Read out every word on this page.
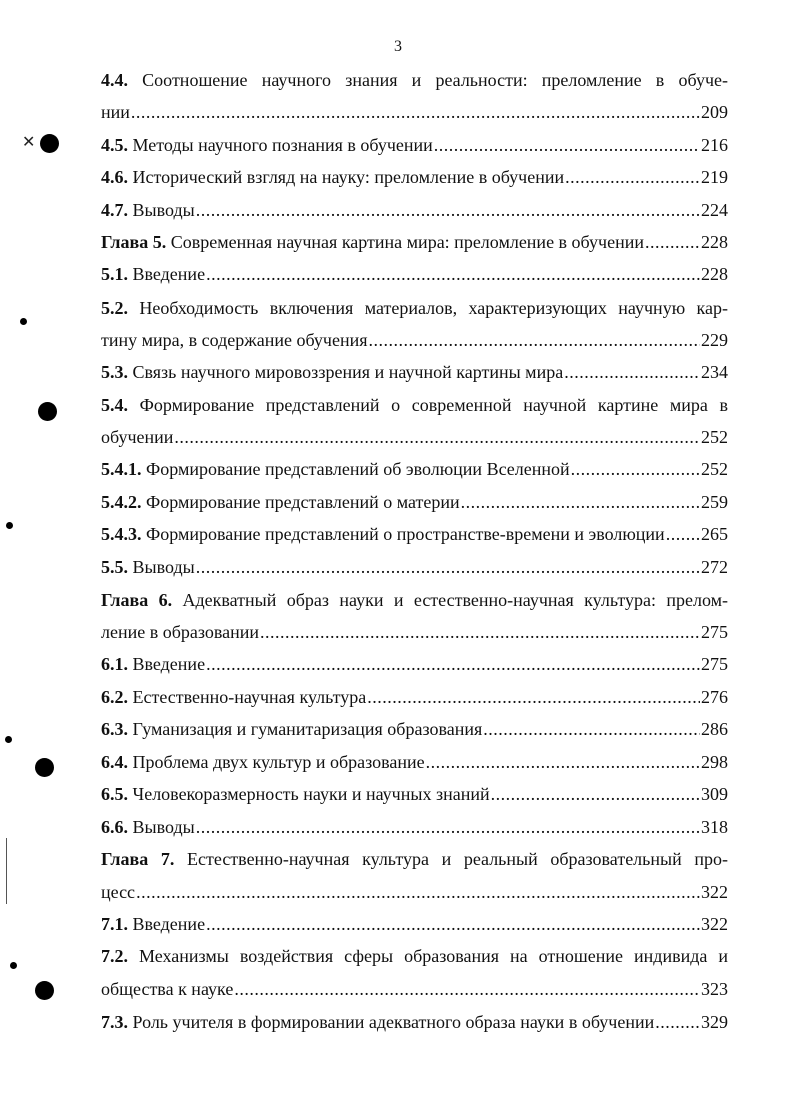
3
✕
4.4. Соотношение научного знания и реальности: преломление в обуче-
нии .....	209
4.5.
Методы научного познания в обучении .....	216
4.6.
Исторический взгляд на науку: преломление в обучении .....	219
4.7.
Выводы .....	224
Глава 5.
Современная научная картина мира: преломление в обучении .....	228
5.1.
Введение .....	228
5.2. Необходимость включения материалов, характеризующих научную кар-
тину мира, в содержание обучения .....	229
5.3.
Связь научного мировоззрения и научной картины мира .....	234
5.4. Формирование представлений о современной научной картине мира в
обучении .....	252
5.4.1.
Формирование представлений об эволюции Вселенной .....	252
5.4.2.
Формирование представлений о материи .....	259
5.4.3.
Формирование представлений о пространстве-времени и эволюции ..... 265
5.5.
Выводы .....	272
Глава 6. Адекватный образ науки и естественно-научная культура: прелом-
ление в образовании .....	275
6.1.
Введение .....	275
6.2.
Естественно-научная культура .....	276
6.3.
Гуманизация и гуманитаризация образования .....	286
6.4.
Проблема двух культур и образование .....	298
6.5.
Человекоразмерность науки и научных знаний .....	309
6.6.
Выводы .....	318
Глава 7. Естественно-научная культура и реальный образовательный про-
цесс .....	322
7.1.
Введение .....	322
7.2. Механизмы воздействия сферы образования на отношение индивида и
общества к науке .....	323
7.3.
Роль учителя в формировании адекватного образа науки в обучении .....	329
